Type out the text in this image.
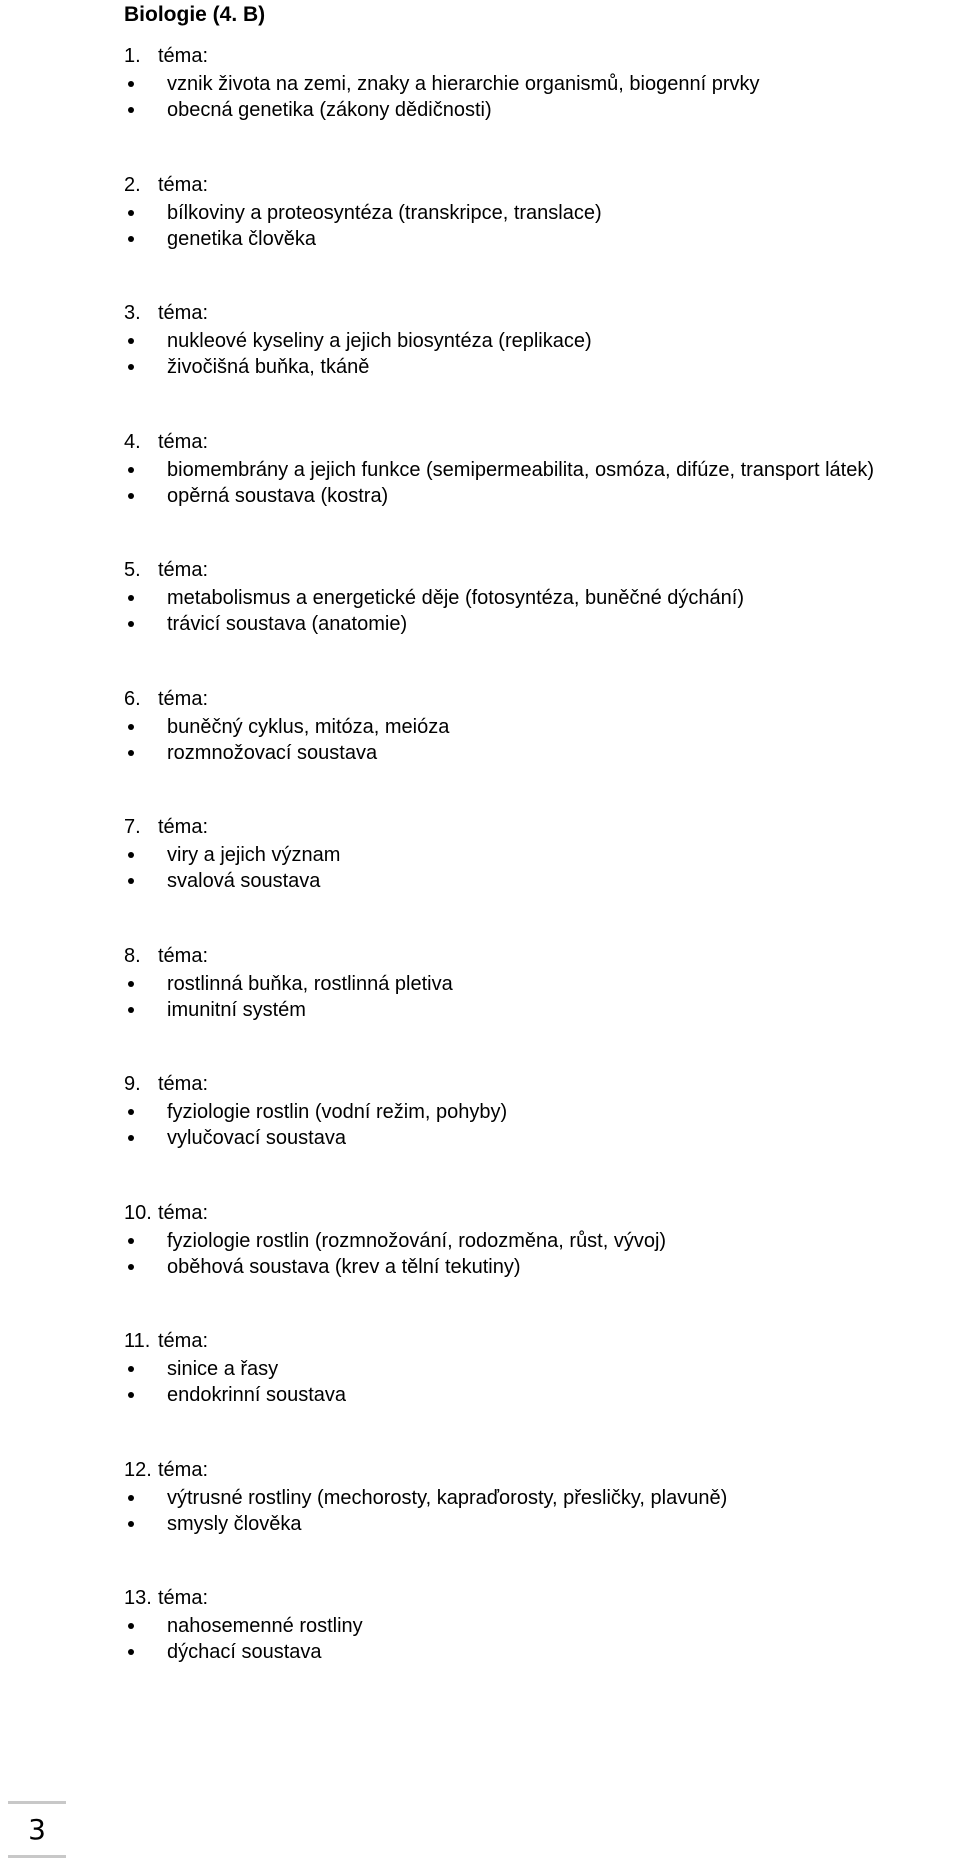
Biologie (4. B)
1. téma:
vznik života na zemi, znaky a hierarchie organismů, biogenní prvky
obecná genetika (zákony dědičnosti)
2. téma:
bílkoviny a proteosyntéza (transkripce, translace)
genetika člověka
3. téma:
nukleové kyseliny a jejich biosyntéza (replikace)
živočišná buňka, tkáně
4. téma:
biomembrány a jejich funkce (semipermeabilita, osmóza, difúze, transport látek)
opěrná soustava (kostra)
5. téma:
metabolismus a energetické děje (fotosyntéza, buněčné dýchání)
trávicí soustava (anatomie)
6. téma:
buněčný cyklus, mitóza, meióza
rozmnožovací soustava
7. téma:
viry a jejich význam
svalová soustava
8. téma:
rostlinná buňka, rostlinná pletiva
imunitní systém
9. téma:
fyziologie rostlin (vodní režim, pohyby)
vylučovací soustava
10. téma:
fyziologie rostlin (rozmnožování, rodozměna, růst, vývoj)
oběhová soustava (krev a tělní tekutiny)
11. téma:
sinice a řasy
endokrinní soustava
12. téma:
výtrusné rostliny (mechorosty, kapraďorosty, přesličky, plavuně)
smysly člověka
13. téma:
nahosemenné rostliny
dýchací soustava
3
